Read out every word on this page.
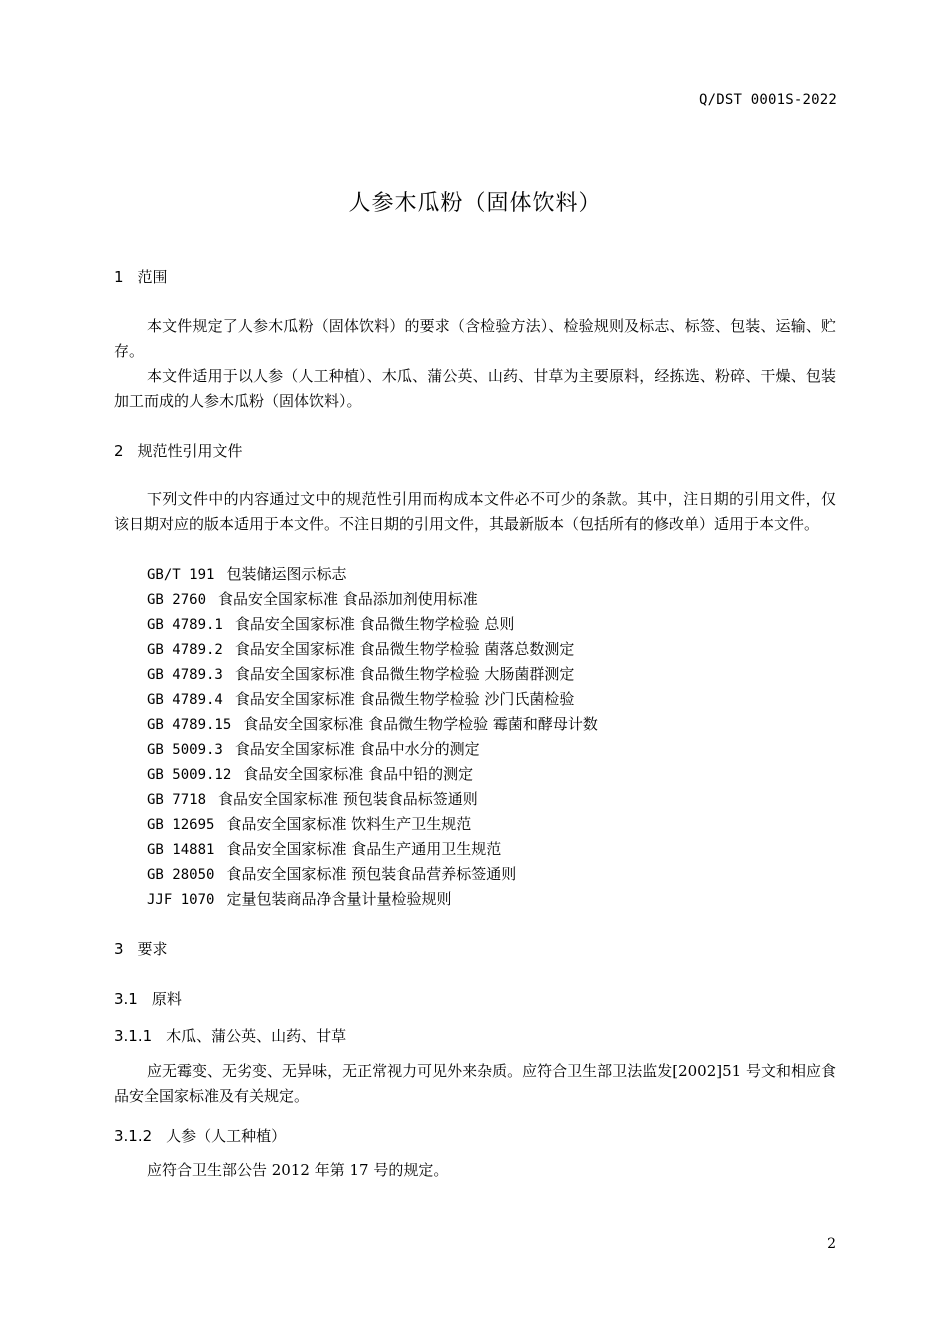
Q/DST 0001S-2022
人参木瓜粉（固体饮料）
1 范围

本文件规定了人参木瓜粉（固体饮料）的要求（含检验方法）、检验规则及标志、标签、包装、运输、贮存。

本文件适用于以人参（人工种植）、木瓜、蒲公英、山药、甘草为主要原料，经拣选、粉碎、干燥、包装加工而成的人参木瓜粉（固体饮料）。

2 规范性引用文件

下列文件中的内容通过文中的规范性引用而构成本文件必不可少的条款。其中，注日期的引用文件，仅该日期对应的版本适用于本文件。不注日期的引用文件，其最新版本（包括所有的修改单）适用于本文件。

GB/T 191 包装储运图示标志
GB 2760 食品安全国家标准 食品添加剂使用标准
GB 4789.1 食品安全国家标准 食品微生物学检验 总则
GB 4789.2 食品安全国家标准 食品微生物学检验 菌落总数测定
GB 4789.3 食品安全国家标准 食品微生物学检验 大肠菌群测定
GB 4789.4 食品安全国家标准 食品微生物学检验 沙门氏菌检验
GB 4789.15 食品安全国家标准 食品微生物学检验 霉菌和酵母计数
GB 5009.3 食品安全国家标准 食品中水分的测定
GB 5009.12 食品安全国家标准 食品中铅的测定
GB 7718 食品安全国家标准 预包装食品标签通则
GB 12695 食品安全国家标准 饮料生产卫生规范
GB 14881 食品安全国家标准 食品生产通用卫生规范
GB 28050 食品安全国家标准 预包装食品营养标签通则
JJF 1070 定量包装商品净含量计量检验规则
3 要求
3.1 原料
3.1.1 木瓜、蒲公英、山药、甘草

应无霉变、无劣变、无异味，无正常视力可见外来杂质。应符合卫生部卫法监发[2002]51 号文和相应食品安全国家标准及有关规定。

3.1.2 人参（人工种植）

应符合卫生部公告 2012 年第 17 号的规定。

2
